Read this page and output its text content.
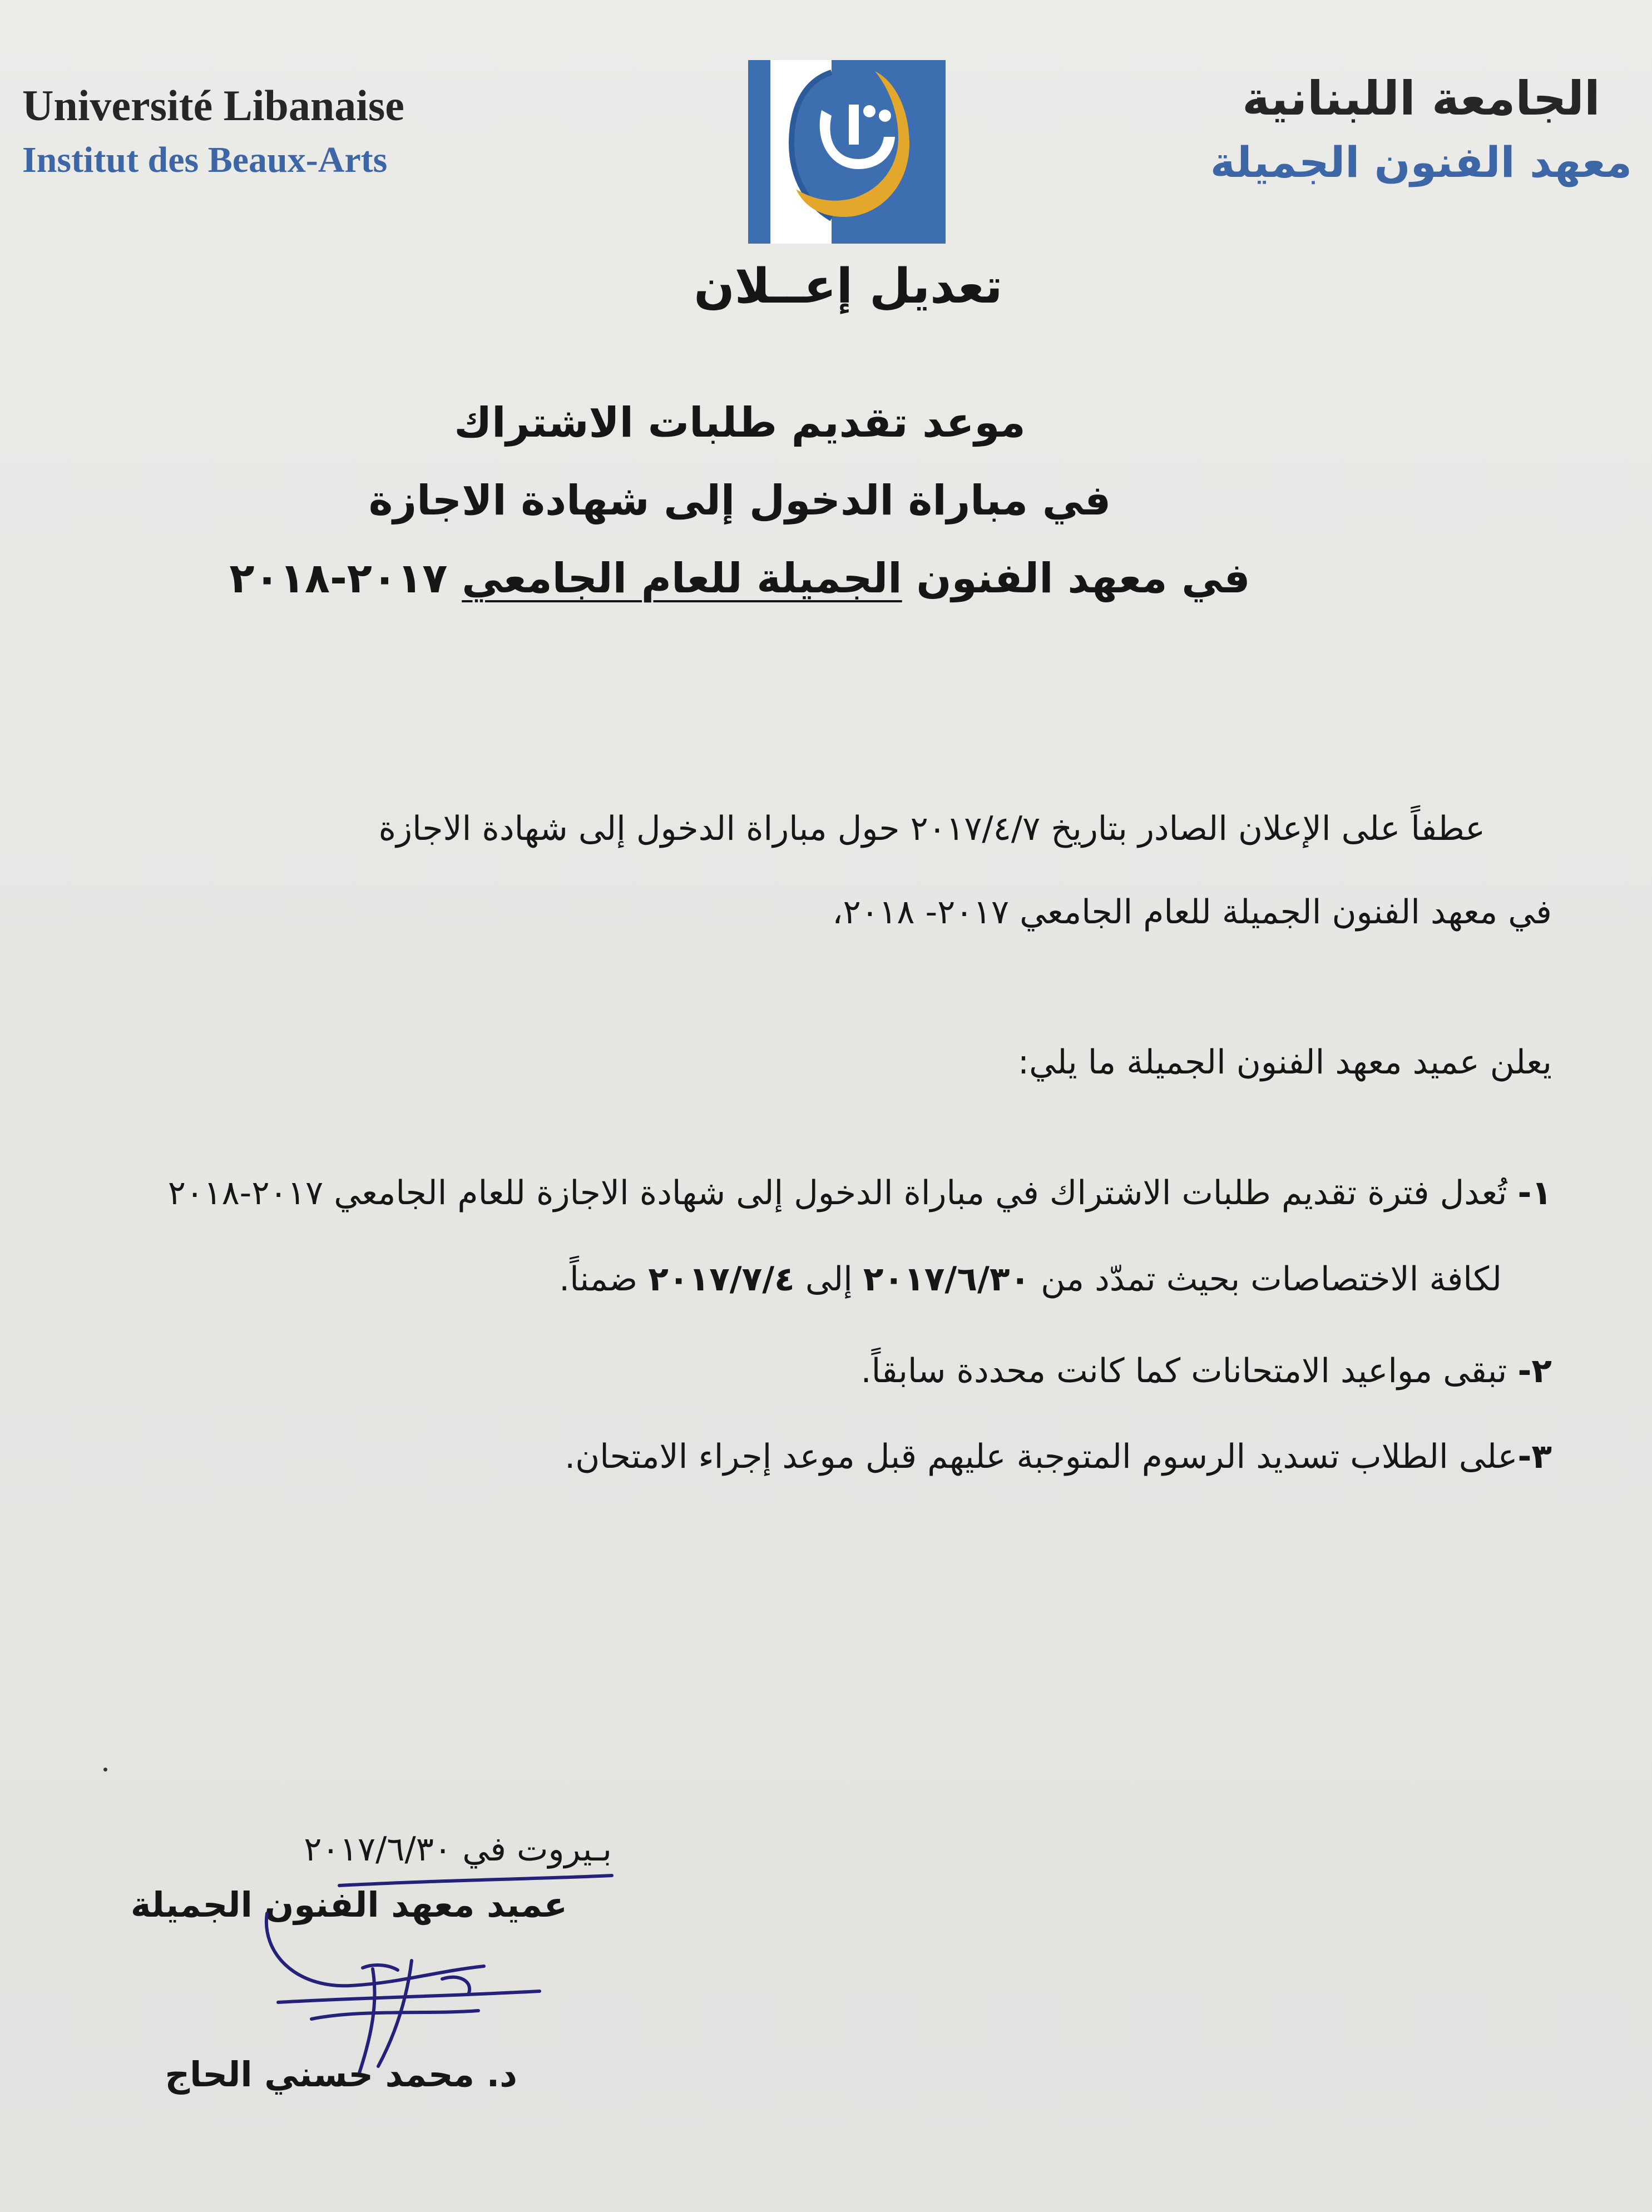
Université Libanaise
Institut des Beaux-Arts
الجامعة اللبنانية
معهد الفنون الجميلة
تعديل إعــلان
موعد تقديم طلبات الاشتراك
في مباراة الدخول إلى شهادة الاجازة
في معهد الفنون الجميلة للعام الجامعي ٢٠١٧-٢٠١٨
عطفاً على الإعلان الصادر بتاريخ ٢٠١٧/٤/٧ حول مباراة الدخول إلى شهادة الاجازة
في معهد الفنون الجميلة للعام الجامعي ٢٠١٧- ٢٠١٨،
يعلن عميد معهد الفنون الجميلة ما يلي:
١- تُعدل فترة تقديم طلبات الاشتراك في مباراة الدخول إلى شهادة الاجازة للعام الجامعي ٢٠١٧-٢٠١٨
لكافة الاختصاصات بحيث تمدّد من ٢٠١٧/٦/٣٠ إلى ٢٠١٧/٧/٤ ضمناً.
٢- تبقى مواعيد الامتحانات كما كانت محددة سابقاً.
٣-على الطلاب تسديد الرسوم المتوجبة عليهم قبل موعد إجراء الامتحان.
بـيروت في ٢٠١٧/٦/٣٠
عميد معهد الفنون الجميلة
د. محمد حسني الحاج
